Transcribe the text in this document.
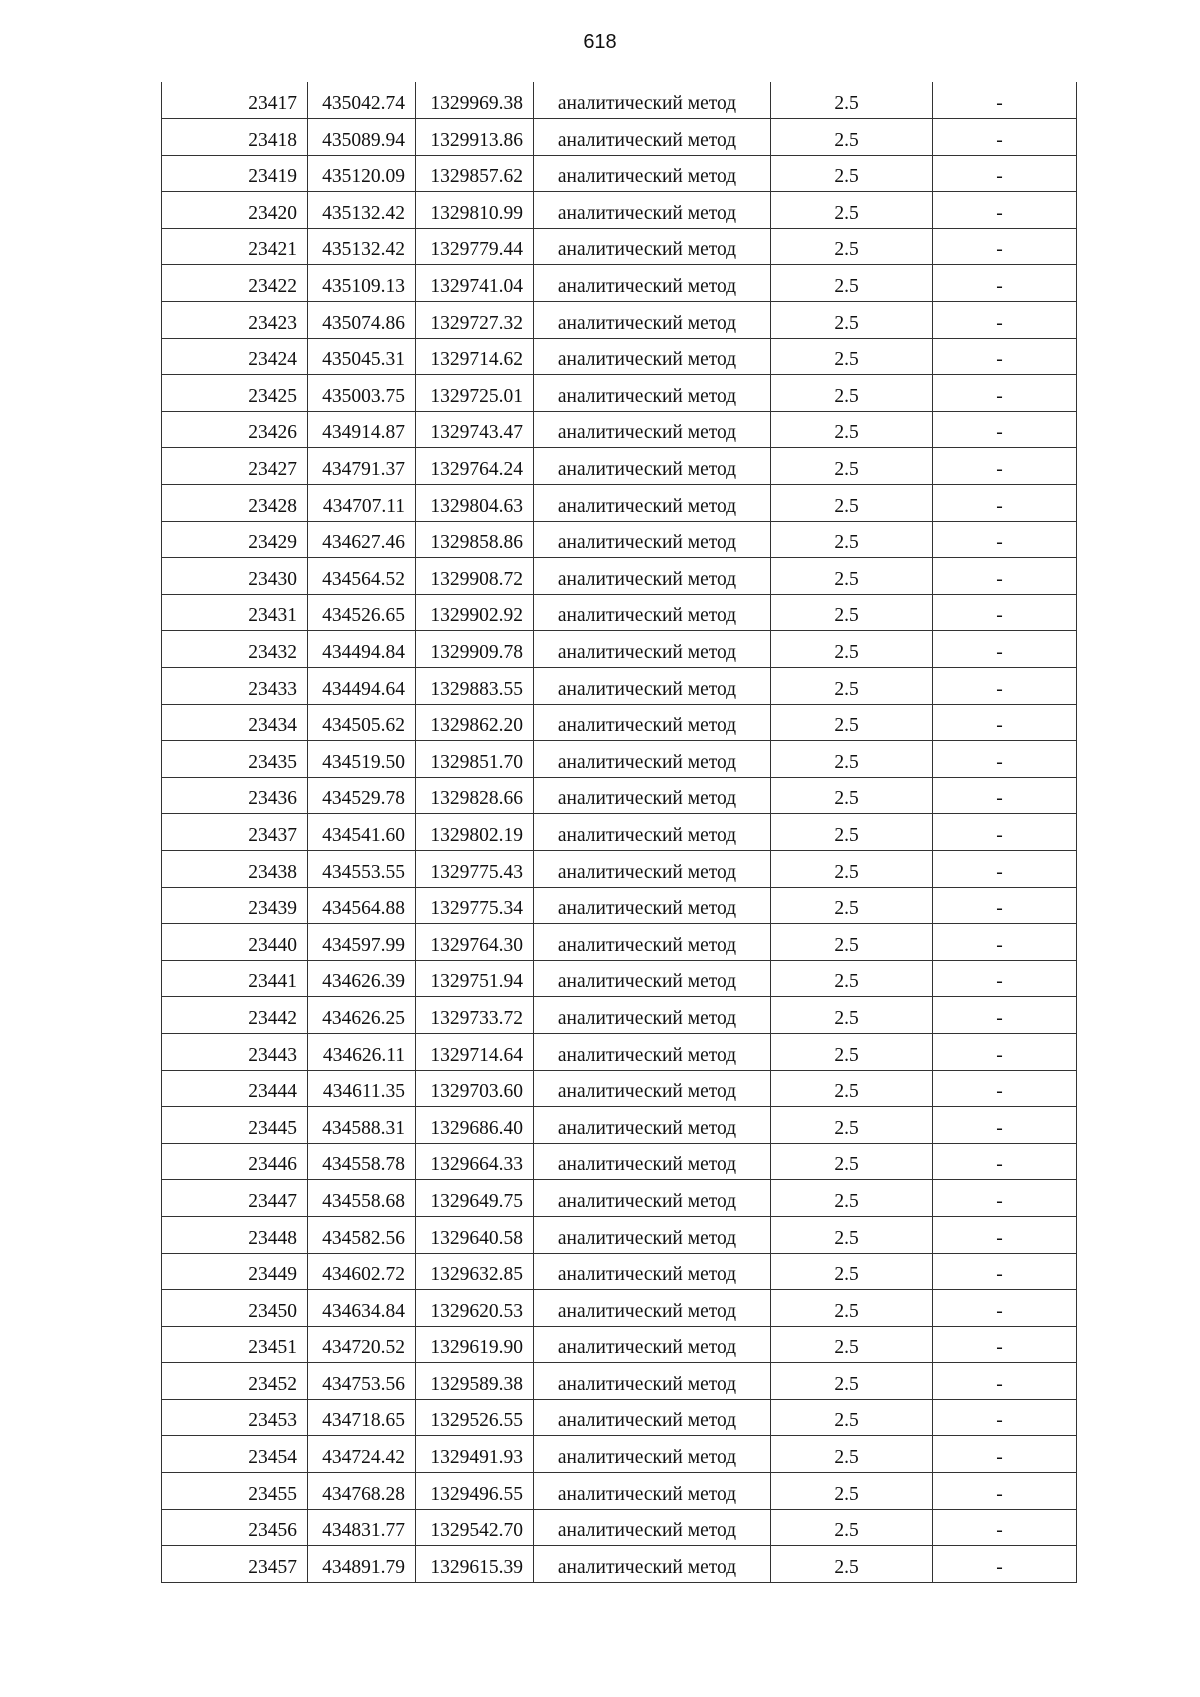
618
23417	435042.74	1329969.38	аналитический метод	2.5	-
23418	435089.94	1329913.86	аналитический метод	2.5	-
23419	435120.09	1329857.62	аналитический метод	2.5	-
23420	435132.42	1329810.99	аналитический метод	2.5	-
23421	435132.42	1329779.44	аналитический метод	2.5	-
23422	435109.13	1329741.04	аналитический метод	2.5	-
23423	435074.86	1329727.32	аналитический метод	2.5	-
23424	435045.31	1329714.62	аналитический метод	2.5	-
23425	435003.75	1329725.01	аналитический метод	2.5	-
23426	434914.87	1329743.47	аналитический метод	2.5	-
23427	434791.37	1329764.24	аналитический метод	2.5	-
23428	434707.11	1329804.63	аналитический метод	2.5	-
23429	434627.46	1329858.86	аналитический метод	2.5	-
23430	434564.52	1329908.72	аналитический метод	2.5	-
23431	434526.65	1329902.92	аналитический метод	2.5	-
23432	434494.84	1329909.78	аналитический метод	2.5	-
23433	434494.64	1329883.55	аналитический метод	2.5	-
23434	434505.62	1329862.20	аналитический метод	2.5	-
23435	434519.50	1329851.70	аналитический метод	2.5	-
23436	434529.78	1329828.66	аналитический метод	2.5	-
23437	434541.60	1329802.19	аналитический метод	2.5	-
23438	434553.55	1329775.43	аналитический метод	2.5	-
23439	434564.88	1329775.34	аналитический метод	2.5	-
23440	434597.99	1329764.30	аналитический метод	2.5	-
23441	434626.39	1329751.94	аналитический метод	2.5	-
23442	434626.25	1329733.72	аналитический метод	2.5	-
23443	434626.11	1329714.64	аналитический метод	2.5	-
23444	434611.35	1329703.60	аналитический метод	2.5	-
23445	434588.31	1329686.40	аналитический метод	2.5	-
23446	434558.78	1329664.33	аналитический метод	2.5	-
23447	434558.68	1329649.75	аналитический метод	2.5	-
23448	434582.56	1329640.58	аналитический метод	2.5	-
23449	434602.72	1329632.85	аналитический метод	2.5	-
23450	434634.84	1329620.53	аналитический метод	2.5	-
23451	434720.52	1329619.90	аналитический метод	2.5	-
23452	434753.56	1329589.38	аналитический метод	2.5	-
23453	434718.65	1329526.55	аналитический метод	2.5	-
23454	434724.42	1329491.93	аналитический метод	2.5	-
23455	434768.28	1329496.55	аналитический метод	2.5	-
23456	434831.77	1329542.70	аналитический метод	2.5	-
23457	434891.79	1329615.39	аналитический метод	2.5	-
